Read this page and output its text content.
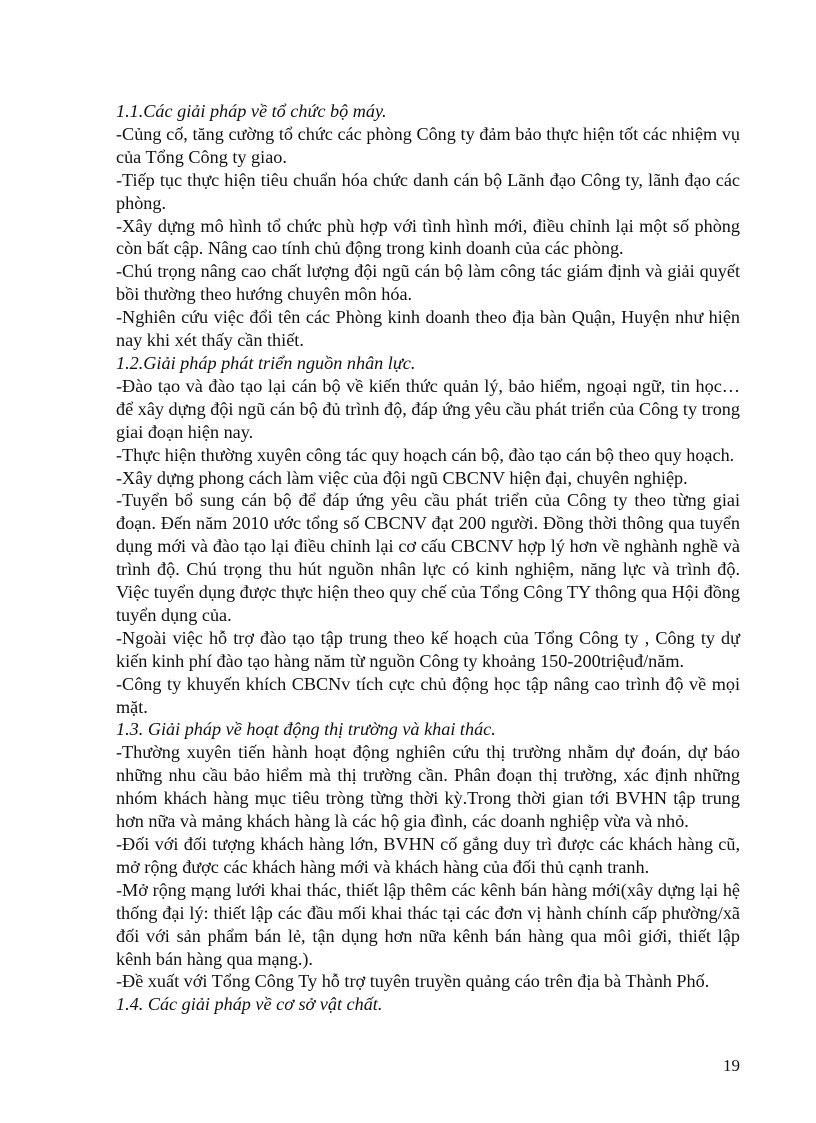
1.1.Các giải pháp về tổ chức bộ máy.

-Củng cố, tăng cường tổ chức các phòng Công ty đảm bảo thực hiện tốt các nhiệm vụ của Tổng Công ty giao.

-Tiếp tục thực hiện tiêu chuẩn hóa chức danh cán bộ Lãnh đạo Công ty, lãnh đạo các phòng.

-Xây dựng mô hình tổ chức phù hợp với tình hình mới, điều chỉnh lại một số phòng còn bất cập. Nâng cao tính chủ động trong kinh doanh của các phòng.

-Chú trọng nâng cao chất lượng đội ngũ cán bộ làm công tác giám định và giải quyết bồi thường theo hướng chuyên môn hóa.

-Nghiên cứu việc đổi tên các Phòng kinh doanh theo địa bàn Quận, Huyện như hiện nay khi xét thấy cần thiết.

1.2.Giải pháp phát triển nguồn nhân lực.

-Đào tạo và đào tạo lại cán bộ về kiến thức quản lý, bảo hiểm, ngoại ngữ, tin học… để xây dựng đội ngũ cán bộ đủ trình độ, đáp ứng yêu cầu phát triển của Công ty trong giai đoạn hiện nay.

-Thực hiện thường xuyên công tác quy hoạch cán bộ, đào tạo cán bộ theo quy hoạch.

-Xây dựng phong cách làm việc của đội ngũ CBCNV hiện đại, chuyên nghiệp.

-Tuyển bổ sung cán bộ để đáp ứng yêu cầu phát triển của Công ty theo từng giai đoạn. Đến năm 2010 ước tổng số CBCNV đạt 200 người. Đồng thời thông qua tuyển dụng mới và đào tạo lại điều chỉnh lại cơ cấu CBCNV hợp lý hơn về nghành nghề và trình độ. Chú trọng thu hút nguồn nhân lực có kinh nghiệm, năng lực và trình độ. Việc tuyển dụng được thực hiện theo quy chế của Tổng Công TY thông qua Hội đồng tuyển dụng của.

-Ngoài việc hỗ trợ đào tạo tập trung theo kế hoạch của Tổng Công ty , Công ty dự kiến kinh phí đào tạo hàng năm từ nguồn Công ty khoảng 150-200triệuđ/năm.

-Công ty khuyến khích CBCNv tích cực chủ động học tập nâng cao trình độ về mọi mặt.

1.3. Giải pháp về hoạt động thị trường và khai thác.

-Thường xuyên tiến hành hoạt động nghiên cứu thị trường nhằm dự đoán, dự báo những nhu cầu bảo hiểm mà thị trường cần. Phân đoạn thị trường, xác định những nhóm khách hàng mục tiêu tròng từng thời kỳ.Trong thời gian tới BVHN tập trung hơn nữa và mảng khách hàng là các hộ gia đình, các doanh nghiệp vừa và nhỏ.

-Đối với đối tượng khách hàng lớn, BVHN cố gắng duy trì được các khách hàng cũ, mở rộng được các khách hàng mới và khách hàng của đối thủ cạnh tranh.

-Mở rộng mạng lưới khai thác, thiết lập thêm các kênh bán hàng mới(xây dựng lại hệ thống đại lý: thiết lập các đầu mối khai thác tại các đơn vị hành chính cấp phường/xã đối với sản phẩm bán lẻ, tận dụng hơn nữa kênh bán hàng qua môi giới, thiết lập kênh bán hàng qua mạng.).

-Đề xuất với Tổng Công Ty hỗ trợ tuyên truyền quảng cáo trên địa bà Thành Phố.

1.4. Các giải pháp về cơ sở vật chất.

19
